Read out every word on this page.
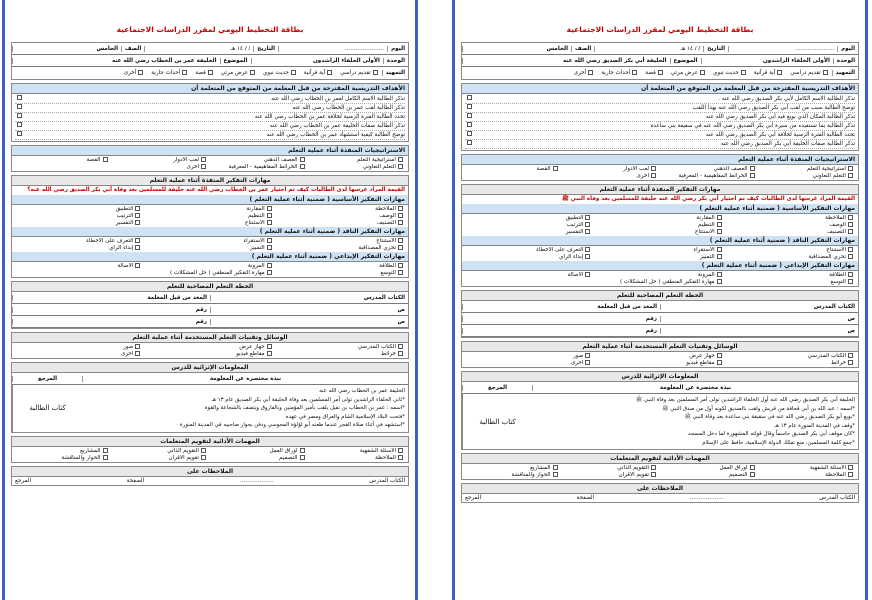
بطاقة التخطيط اليومي لمقرر الدراسات الاجتماعية
اليوم
......................
التاريخ
/ / ١٤ هـ
الصف
الخامس
الوحدة
الأولى الخلفاء الراشدون
الموضوع
الخليفة أبي بكر الصديق رضي الله عنه
التمهيد
تقديم دراسي
آية قرآنية
حديث نبوي
عرض مرئي
قصة
أحداث جارية
أخرى
الأهداف التدريسية المقترحة من قبل المعلمة من المتوقع من المتعلمة أن
تذكر الطالبة الاسم الكامل لأبي بكر الصديق رضي الله عنه .
توضح الطالبة سبب من لقب أبي بكر الصديق رضي الله عنه بهذا اللقب
تذكر الطالبة المكان الذي بويع فيه أبي بكر الصديق رضي الله عنه
تذكر الطالبة بما تستفيده من سيرة أبي بكر الصديق رضي الله عنه في سقيفة بني ساعدة
تحدد الطالبة الفترة الزمنية لخلافة أبي بكر الصديق رضي الله عنه
تذكر الطالبة صفات الخليفة أبي بكر الصديق رضي الله عنه
الاستراتيجيات المنفذة أثناء عملية التعلم
استراتيجية التعلم
العصف الذهني
لعب الأدوار
القصة
التعلم التعاوني
الخرائط المفاهيمية - المعرفية
أخرى
مهارات التفكير المنفذة أثناء عملية التعلم
القيمة المراد غرسها لدى الطالبات كيف تم اختيار أبي بكر رضي الله عنه خليفة للمسلمين بعد وفاة النبي ﷺ
مهارات التفكير الأساسية ( ضمنية أثناء عملية التعلم )
الملاحظة
المقارنة
التطبيق
الوصف
التنظيم
الترتيب
التصنيف
الاستنتاج
التفسير
مهارات التفكير الناقد ( ضمنية أثناء عملية التعلم )
الاستنتاج
الاستقراء
التعرف على الأخطاء
تحري المصداقية
التمييز
إبداء الرأي
مهارات التفكير الإبداعي ( ضمنية أثناء عملية التعلم )
الطلاقة
المرونة
الأصالة
التوسع
مهارة التفكير المنطقي ( حل المشكلات )
الخطة التعلم المصاحبة للتعلم
الكتاب المدرس
المعد من قبل المعلمة
ص
رقم
ص
رقم
الوسائل وتقنيات التعلم المستخدمة أثناء عملية التعلم
الكتاب المدرسي
جهاز عرض
صور
خرائط
مقاطع فيديو
أخرى
المعلومات الإثرائية للدرس
نبذة مختصرة عن المعلومة
المرجع
الخليفة أبي بكر الصديق رضي الله عنه أول الخلفاء الراشدين تولى أمر المسلمين بعد وفاة النبي ﷺ
*اسمه : عبد الله بن أبي قحافة من قريش ولقب بالصديق لكونه أول من صدق النبي ﷺ
*بويع أبو بكر الصديق رضي الله عنه في سقيفة بني ساعدة بعد وفاة النبي ﷺ
*وقف في المدينة المنورة عام ١٣ هـ
*كان موقف أبي بكر الصديق حاسماً وقال قولته المشهورة لما دخل المسجد
*جمع كلمة المسلمين، منع تفكك الدولة الإسلامية، حافظ على الإسلام
كتاب الطالبة
المهمات الأدائية لتقويم المتعلمات
الأسئلة الشفهية
أوراق العمل
التقويم الذاتي
المشاريع
الملاحظة
التصميم
تقويم الأقران
الحوار والمناقشة
الملاحظات على
الكتاب المدرس
...................
الصفحة
المرجع
بطاقة التخطيط اليومي لمقرر الدراسات الاجتماعية
اليوم
......................
التاريخ
/ / ١٤ هـ
الصف
الخامس
الوحدة
الأولى الخلفاء الراشدون
الموضوع
الخليفة عمر بن الخطاب رضي الله عنه
التمهيد
تقديم دراسي
آية قرآنية
حديث نبوي
عرض مرئي
قصة
أحداث جارية
أخرى
الأهداف التدريسية المقترحة من قبل المعلمة من المتوقع من المتعلمة أن
تذكر الطالبة الاسم الكامل لعمر بن الخطاب رضي الله عنه
تذكر الطالبة لقب عمر بن الخطاب رضي الله عنه
تحدد الطالبة الفترة الزمنية لخلافة عمر بن الخطاب رضي الله عنه
تذكر الطالبة صفات الخليفة عمر بن الخطاب رضي الله عنه
توضح الطالبة كيفية استشهاد عمر بن الخطاب رضي الله عنه
الاستراتيجيات المنفذة أثناء عملية التعلم
استراتيجية التعلم
العصف الذهني
لعب الأدوار
القصة
التعلم التعاوني
الخرائط المفاهيمية - المعرفية
أخرى
مهارات التفكير المنفذة أثناء عملية التعلم
القيمة المراد غرسها لدى الطالبات كيف تم اختيار عمر بن الخطاب رضي الله عنه خليفة للمسلمين بعد وفاة أبي بكر الصديق رضي الله عنه؟
مهارات التفكير الأساسية ( ضمنية أثناء عملية التعلم )
الملاحظة
المقارنة
التطبيق
الوصف
التنظيم
الترتيب
التصنيف
الاستنتاج
التفسير
مهارات التفكير الناقد ( ضمنية أثناء عملية التعلم )
الاستنتاج
الاستقراء
التعرف على الأخطاء
تحري المصداقية
التمييز
إبداء الرأي
مهارات التفكير الإبداعي ( ضمنية أثناء عملية التعلم )
الطلاقة
المرونة
الأصالة
التوسع
مهارة التفكير المنطقي ( حل المشكلات )
الخطة التعلم المصاحبة للتعلم
الكتاب المدرس
المعد من قبل المعلمة
ص
رقم
ص
رقم
الوسائل وتقنيات التعلم المستخدمة أثناء عملية التعلم
الكتاب المدرسي
جهاز عرض
صور
خرائط
مقاطع فيديو
أخرى
المعلومات الإثرائية للدرس
نبذة مختصرة عن المعلومة
المرجع
الخليفة عمر بن الخطاب رضي الله عنه
*ثاني الخلفاء الراشدين تولى أمر المسلمين بعد وفاة الخليفة أبي بكر الصديق عام ١٣ هـ
*اسمه : عمر بن الخطاب بن نفيل يلقب بأمير المؤمنين وبالفاروق ويتصف بالشجاعة والقوة
*فتحت البلاد الإسلامية الشام والعراق ومصر في عهده
*استشهد في أثناء صلاة الفجر عندما طعنه أبو لؤلؤة المجوسي ودفن بجوار صاحبيه في المدينة المنورة
كتاب الطالبة
المهمات الأدائية لتقويم المتعلمات
الأسئلة الشفهية
أوراق العمل
التقويم الذاتي
المشاريع
الملاحظة
التصميم
تقويم الأقران
الحوار والمناقشة
الملاحظات على
الكتاب المدرس
...................
الصفحة
المرجع
